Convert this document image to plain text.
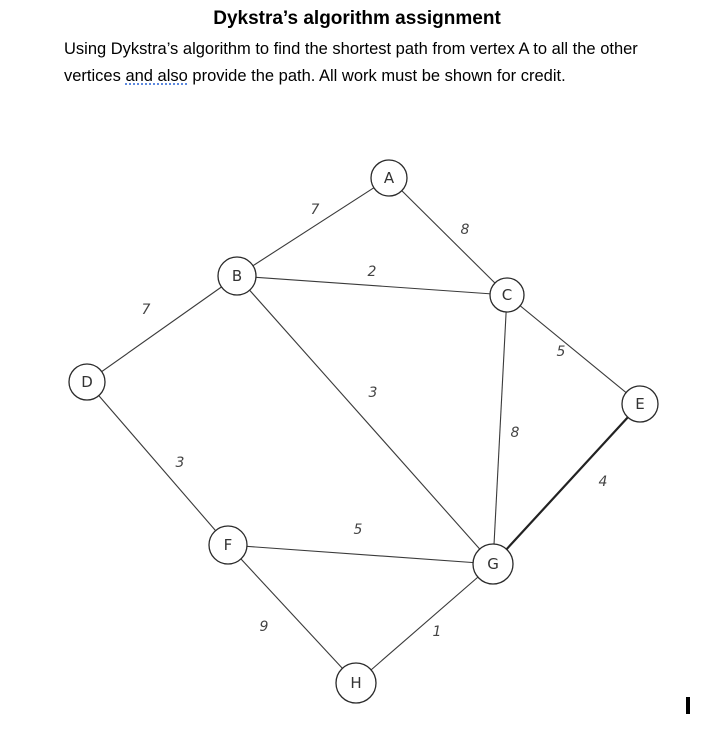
Dykstra’s algorithm assignment

Using Dykstra’s algorithm to find the shortest path from vertex A to all the other

vertices and also provide the path. All work must be shown for credit.

7
8
2
7
3
5
8
3
4
5
9	1
A
B
C
D
E
F
G
H
